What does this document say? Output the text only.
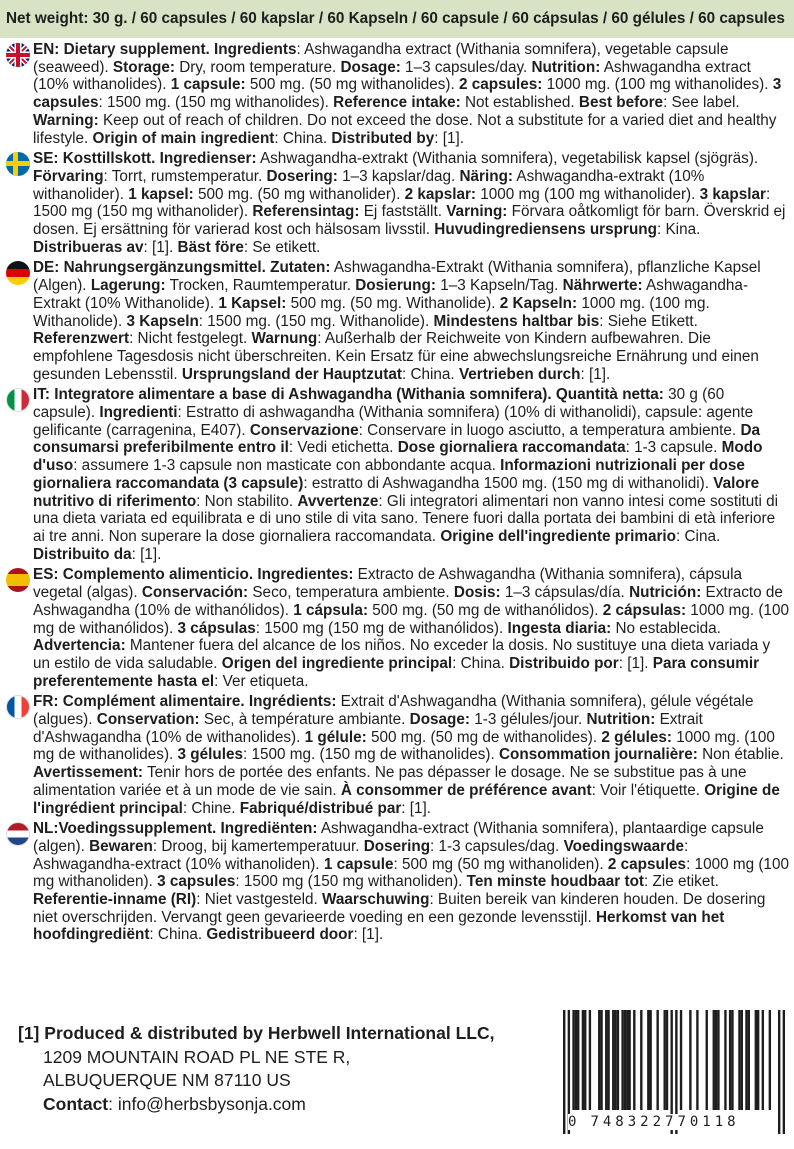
Net weight: 30 g. / 60 capsules / 60 kapslar / 60 Kapseln / 60 capsule / 60 cápsulas / 60 gélules / 60 capsules
EN: Dietary supplement. Ingredients: Ashwagandha extract (Withania somnifera), vegetable capsule (seaweed). Storage: Dry, room temperature. Dosage: 1–3 capsules/day. Nutrition: Ashwagandha extract (10% withanolides). 1 capsule: 500 mg. (50 mg withanolides). 2 capsules: 1000 mg. (100 mg withanolides). 3 capsules: 1500 mg. (150 mg withanolides). Reference intake: Not established. Best before: See label. Warning: Keep out of reach of children. Do not exceed the dose. Not a substitute for a varied diet and healthy lifestyle. Origin of main ingredient: China. Distributed by: [1].
SE: Kosttillskott. Ingredienser: Ashwagandha-extrakt (Withania somnifera), vegetabilisk kapsel (sjögräs). Förvaring: Torrt, rumstemperatur. Dosering: 1–3 kapslar/dag. Näring: Ashwagandha-extrakt (10% withanolider). 1 kapsel: 500 mg. (50 mg withanolider). 2 kapslar: 1000 mg (100 mg withanolider). 3 kapslar: 1500 mg (150 mg withanolider). Referensintag: Ej fastställt. Varning: Förvara oåtkomligt för barn. Överskrid ej dosen. Ej ersättning för varierad kost och hälsosam livsstil. Huvudingrediensens ursprung: Kina. Distribueras av: [1]. Bäst före: Se etikett.
DE: Nahrungsergänzungsmittel. Zutaten: Ashwagandha-Extrakt (Withania somnifera), pflanzliche Kapsel (Algen). Lagerung: Trocken, Raumtemperatur. Dosierung: 1–3 Kapseln/Tag. Nährwerte: Ashwagandha-Extrakt (10% Withanolide). 1 Kapsel: 500 mg. (50 mg. Withanolide). 2 Kapseln: 1000 mg. (100 mg. Withanolide). 3 Kapseln: 1500 mg. (150 mg. Withanolide). Mindestens haltbar bis: Siehe Etikett. Referenzwert: Nicht festgelegt. Warnung: Außerhalb der Reichweite von Kindern aufbewahren. Die empfohlene Tagesdosis nicht überschreiten. Kein Ersatz für eine abwechslungsreiche Ernährung und einen gesunden Lebensstil. Ursprungsland der Hauptzutat: China. Vertrieben durch: [1].
IT: Integratore alimentare a base di Ashwagandha (Withania somnifera). Quantità netta: 30 g (60 capsule). Ingredienti: Estratto di ashwagandha (Withania somnifera) (10% di withanolidi), capsule: agente gelificante (carragenina, E407). Conservazione: Conservare in luogo asciutto, a temperatura ambiente. Da consumarsi preferibilmente entro il: Vedi etichetta. Dose giornaliera raccomandata: 1-3 capsule. Modo d'uso: assumere 1-3 capsule non masticate con abbondante acqua. Informazioni nutrizionali per dose giornaliera raccomandata (3 capsule): estratto di Ashwagandha 1500 mg. (150 mg di withanolidi). Valore nutritivo di riferimento: Non stabilito. Avvertenze: Gli integratori alimentari non vanno intesi come sostituti di una dieta variata ed equilibrata e di uno stile di vita sano. Tenere fuori dalla portata dei bambini di età inferiore ai tre anni. Non superare la dose giornaliera raccomandata. Origine dell'ingrediente primario: Cina. Distribuito da: [1].
ES: Complemento alimenticio. Ingredientes: Extracto de Ashwagandha (Withania somnifera), cápsula vegetal (algas). Conservación: Seco, temperatura ambiente. Dosis: 1–3 cápsulas/día. Nutrición: Extracto de Ashwagandha (10% de withanólidos). 1 cápsula: 500 mg. (50 mg de withanólidos). 2 cápsulas: 1000 mg. (100 mg de withanólidos). 3 cápsulas: 1500 mg (150 mg de withanólidos). Ingesta diaria: No establecida. Advertencia: Mantener fuera del alcance de los niños. No exceder la dosis. No sustituye una dieta variada y un estilo de vida saludable. Origen del ingrediente principal: China. Distribuido por: [1]. Para consumir preferentemente hasta el: Ver etiqueta.
FR: Complément alimentaire. Ingrédients: Extrait d'Ashwagandha (Withania somnifera), gélule végétale (algues). Conservation: Sec, à température ambiante. Dosage: 1-3 gélules/jour. Nutrition: Extrait d'Ashwagandha (10% de withanolides). 1 gélule: 500 mg. (50 mg de withanolides). 2 gélules: 1000 mg. (100 mg de withanolides). 3 gélules: 1500 mg. (150 mg de withanolides). Consommation journalière: Non établie. Avertissement: Tenir hors de portée des enfants. Ne pas dépasser le dosage. Ne se substitue pas à une alimentation variée et à un mode de vie sain. À consommer de préférence avant: Voir l'étiquette. Origine de l'ingrédient principal: Chine. Fabriqué/distribué par: [1].
NL:Voedingssupplement. Ingrediënten: Ashwagandha-extract (Withania somnifera), plantaardige capsule (algen). Bewaren: Droog, bij kamertemperatuur. Dosering: 1-3 capsules/dag. Voedingswaarde: Ashwagandha-extract (10% withanoliden). 1 capsule: 500 mg (50 mg withanoliden). 2 capsules: 1000 mg (100 mg withanoliden). 3 capsules: 1500 mg (150 mg withanoliden). Ten minste houdbaar tot: Zie etiket. Referentie-inname (RI): Niet vastgesteld. Waarschuwing: Buiten bereik van kinderen houden. De dosering niet overschrijden. Vervangt geen gevarieerde voeding en een gezonde levensstijl. Herkomst van het hoofdingrediënt: China. Gedistribueerd door: [1].
[1] Produced & distributed by Herbwell International LLC,
1209 MOUNTAIN ROAD PL NE STE R,
ALBUQUERQUE NM 87110 US
Contact: info@herbsbysonja.com
0 748322770118
